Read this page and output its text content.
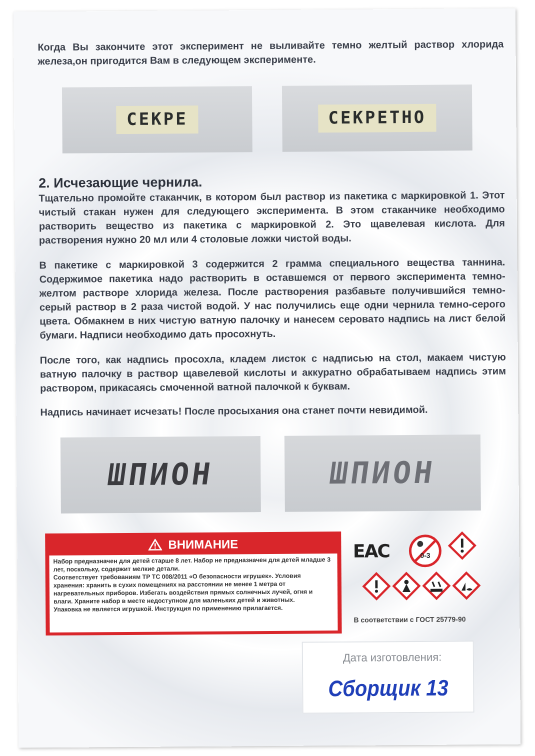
Когда Вы закончите этот эксперимент не выливайте темно желтый раствор хлорида железа,он пригодится Вам в следующем эксперименте.

СЕКРЕ	СЕКРЕТНО
2. Исчезающие чернила.

Тщательно промойте стаканчик, в котором был раствор из пакетика с маркировкой 1. Этот чистый стакан нужен для следующего эксперимента. В этом стаканчике необходимо растворить вещество из пакетика с маркировкой 2. Это щавелевая кислота. Для растворения нужно 20 мл или 4 столовые ложки чистой воды.

В пакетике с маркировкой 3 содержится 2 грамма специального вещества таннина. Содержимое пакетика надо растворить в оставшемся от первого эксперимента темно-желтом растворе хлорида железа. После растворения разбавьте получившийся темно-серый раствор в 2 раза чистой водой. У нас получились еще одни чернила темно-серого цвета. Обмакнем в них чистую ватную палочку и нанесем серовато надпись на лист белой бумаги. Надписи необходимо дать просохнуть.

После того, как надпись просохла, кладем листок с надписью на стол, макаем чистую ватную палочку в раствор щавелевой кислоты и аккуратно обрабатываем надпись этим раствором, прикасаясь смоченной ватной палочкой к буквам.

Надпись начинает исчезать! После просыхания она станет почти невидимой.

ШПИОН	ШПИОН
ВНИМАНИЕ

Набор предназначен для детей старше 8 лет. Набор не предназначен для детей младше 3 лет, поскольку, содержит мелкие детали.

Соответствует требованиям ТР ТС 008/2011 «О безопасности игрушек». Условия хранения: хранить в сухих помещениях на расстоянии не менее 1 метра от нагревательных приборов. Избегать воздействия прямых солнечных лучей, огня и влаги. Храните набор в месте недоступном для маленьких детей и животных.

Упаковка не является игрушкой. Инструкция по применению прилагается.

EAC	0-3
В соответствии с ГОСТ 25779-90
Дата изготовления:
Сборщик 13
